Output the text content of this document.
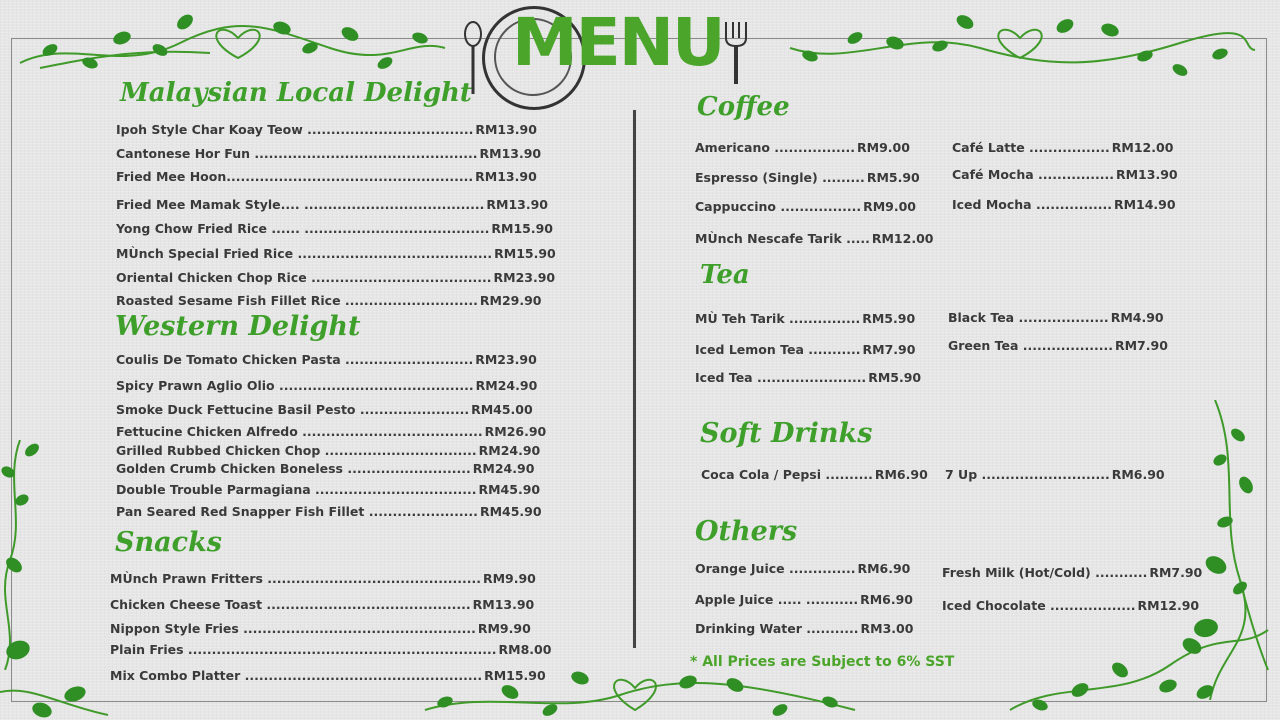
MENU
Malaysian Local Delight
Ipoh Style Char Koay Teow ................................... RM13.90
Cantonese Hor Fun ............................................... RM13.90
Fried Mee Hoon.................................................... RM13.90
Fried Mee Mamak Style.... ...................................... RM13.90
Yong Chow Fried Rice ...... ....................................... RM15.90
MÙnch Special Fried Rice ......................................... RM15.90
Oriental Chicken Chop Rice ...................................... RM23.90
Roasted Sesame Fish Fillet Rice ............................ RM29.90
Western Delight
Coulis De Tomato Chicken Pasta ........................... RM23.90
Spicy Prawn Aglio Olio ......................................... RM24.90
Smoke Duck Fettucine Basil Pesto ....................... RM45.00
Fettucine Chicken Alfredo ...................................... RM26.90
Grilled Rubbed Chicken Chop ................................ RM24.90
Golden Crumb Chicken Boneless .......................... RM24.90
Double Trouble Parmagiana .................................. RM45.90
Pan Seared Red Snapper Fish Fillet ....................... RM45.90
Snacks
MÙnch Prawn Fritters ............................................. RM9.90
Chicken Cheese Toast ........................................... RM13.90
Nippon Style Fries ................................................. RM9.90
Plain Fries ................................................................. RM8.00
Mix Combo Platter .................................................. RM15.90
Coffee
Americano ................. RM9.00
Espresso (Single) ......... RM5.90
Cappuccino ................. RM9.00
MÙnch Nescafe Tarik ..... RM12.00
Café Latte ................. RM12.00
Café Mocha ................ RM13.90
Iced Mocha ................ RM14.90
Tea
MÙ Teh Tarik ............... RM5.90
Iced Lemon Tea ........... RM7.90
Iced Tea ....................... RM5.90
Black Tea ................... RM4.90
Green Tea ................... RM7.90
Soft Drinks
Coca Cola / Pepsi .......... RM6.90 7 Up ........................... RM6.90
Others
Orange Juice .............. RM6.90
Apple Juice ..... ........... RM6.90
Drinking Water ........... RM3.00
Fresh Milk (Hot/Cold) ........... RM7.90
Iced Chocolate .................. RM12.90
* All Prices are Subject to 6% SST
